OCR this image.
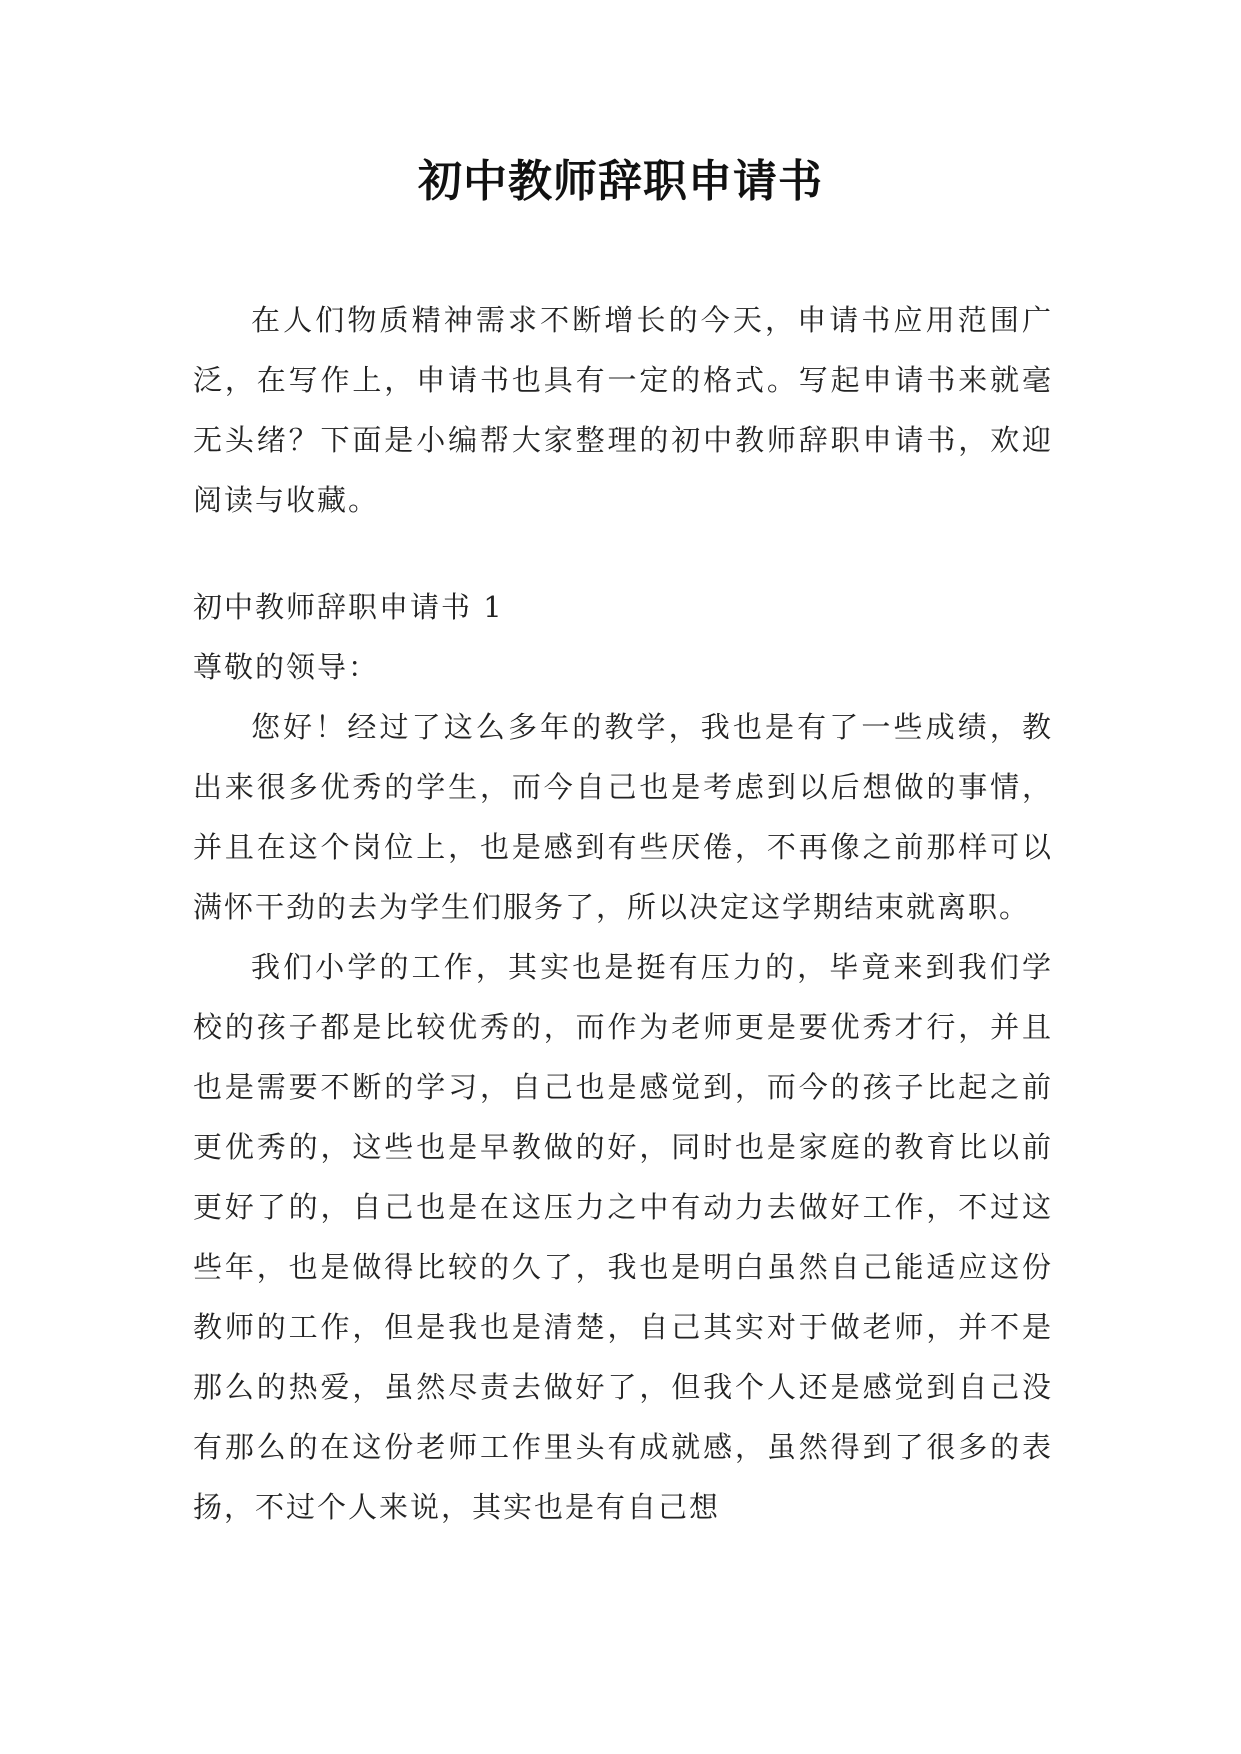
初中教师辞职申请书

在人们物质精神需求不断增长的今天，申请书应用范围广泛，在写作上，申请书也具有一定的格式。写起申请书来就毫无头绪？下面是小编帮大家整理的初中教师辞职申请书，欢迎阅读与收藏。

初中教师辞职申请书 1

尊敬的领导：

您好！经过了这么多年的教学，我也是有了一些成绩，教出来很多优秀的学生，而今自己也是考虑到以后想做的事情，并且在这个岗位上，也是感到有些厌倦，不再像之前那样可以满怀干劲的去为学生们服务了，所以决定这学期结束就离职。

我们小学的工作，其实也是挺有压力的，毕竟来到我们学校的孩子都是比较优秀的，而作为老师更是要优秀才行，并且也是需要不断的学习，自己也是感觉到，而今的孩子比起之前更优秀的，这些也是早教做的好，同时也是家庭的教育比以前更好了的，自己也是在这压力之中有动力去做好工作，不过这些年，也是做得比较的久了，我也是明白虽然自己能适应这份教师的工作，但是我也是清楚，自己其实对于做老师，并不是那么的热爱，虽然尽责去做好了，但我个人还是感觉到自己没有那么的在这份老师工作里头有成就感，虽然得到了很多的表扬，不过个人来说，其实也是有自己想
